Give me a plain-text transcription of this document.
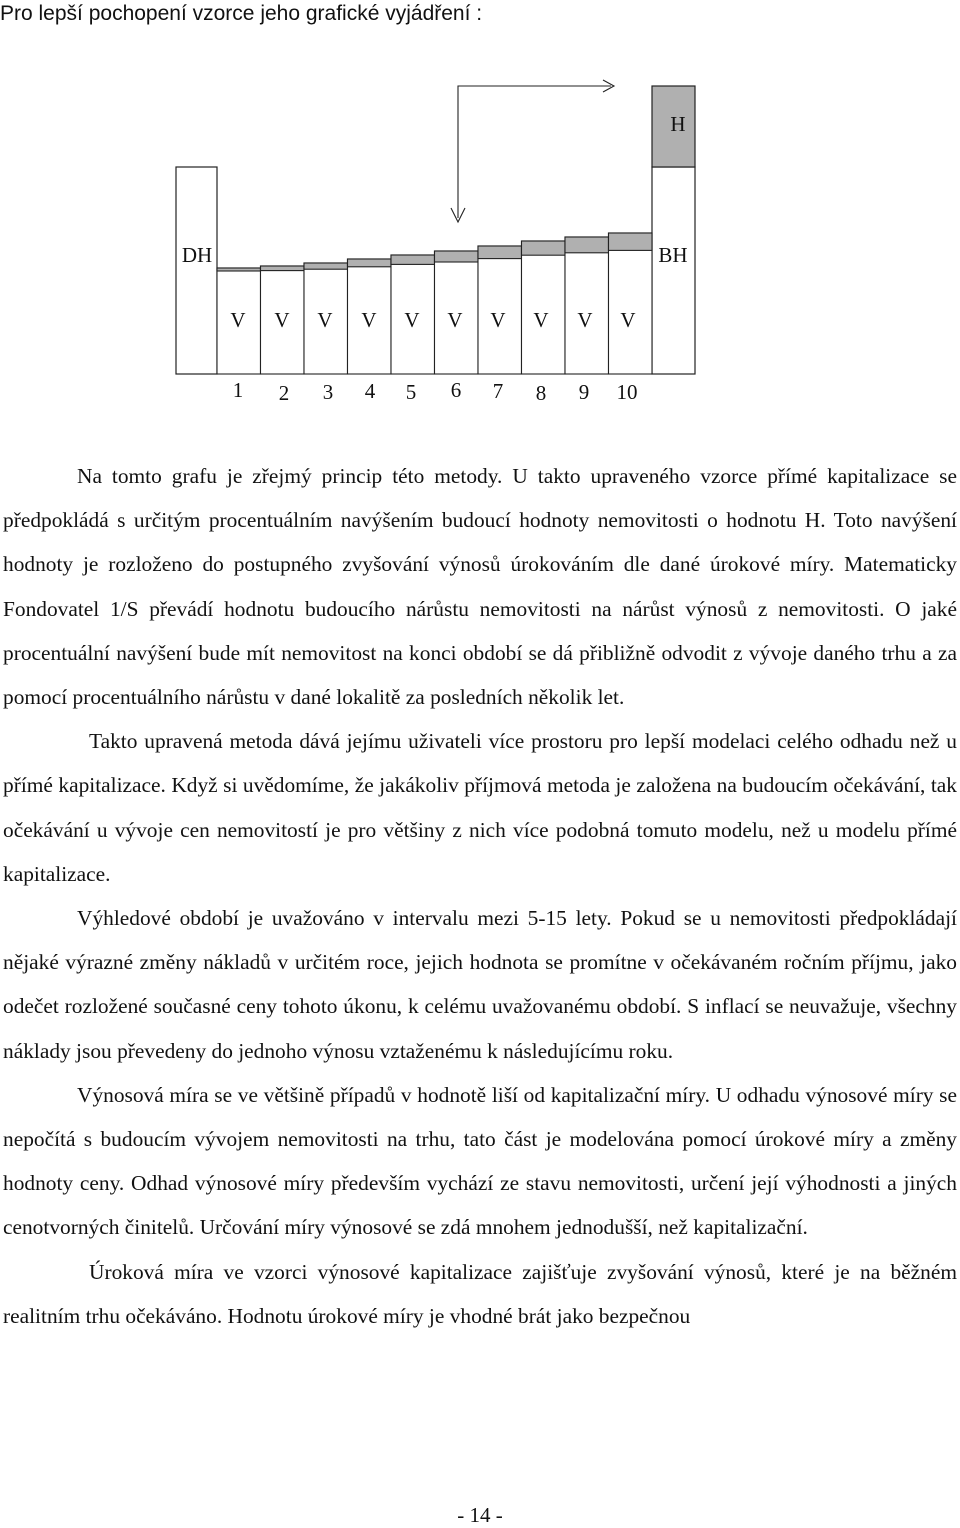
Pro lepší pochopení vzorce jeho grafické vyjádření :

H
DH	BH
V V V V V V V V V V
1 2 3 4 5 6 7 8 9 10

Na tomto grafu je zřejmý princip této metody. U takto upraveného vzorce přímé kapitalizace se předpokládá s určitým procentuálním navýšením budoucí hodnoty nemovitosti o hodnotu H. Toto navýšení hodnoty je rozloženo do postupného zvyšování výnosů úrokováním dle dané úrokové míry. Matematicky Fondovatel 1/S převádí hodnotu budoucího nárůstu nemovitosti na nárůst výnosů z nemovitosti. O jaké procentuální navýšení bude mít nemovitost na konci období se dá přibližně odvodit z vývoje daného trhu a za pomocí procentuálního nárůstu v dané lokalitě za posledních několik let.

Takto upravená metoda dává jejímu uživateli více prostoru pro lepší modelaci celého odhadu než u přímé kapitalizace. Když si uvědomíme, že jakákoliv příjmová metoda je založena na budoucím očekávání, tak očekávání u vývoje cen nemovitostí je pro většiny z nich více podobná tomuto modelu, než u modelu přímé kapitalizace.

Výhledové období je uvažováno v intervalu mezi 5-15 lety. Pokud se u nemovitosti předpokládají nějaké výrazné změny nákladů v určitém roce, jejich hodnota se promítne v očekávaném ročním příjmu, jako odečet rozložené současné ceny tohoto úkonu, k celému uvažovanému období. S inflací se neuvažuje, všechny náklady jsou převedeny do jednoho výnosu vztaženému k následujícímu roku.

Výnosová míra se ve většině případů v hodnotě liší od kapitalizační míry. U odhadu výnosové míry se nepočítá s budoucím vývojem nemovitosti na trhu, tato část je modelována pomocí úrokové míry a změny hodnoty ceny. Odhad výnosové míry především vychází ze stavu nemovitosti, určení její výhodnosti a jiných cenotvorných činitelů. Určování míry výnosové se zdá mnohem jednodušší, než kapitalizační.

Úroková míra ve vzorci výnosové kapitalizace zajišťuje zvyšování výnosů, které je na běžném realitním trhu očekáváno. Hodnotu úrokové míry je vhodné brát jako bezpečnou

- 14 -
